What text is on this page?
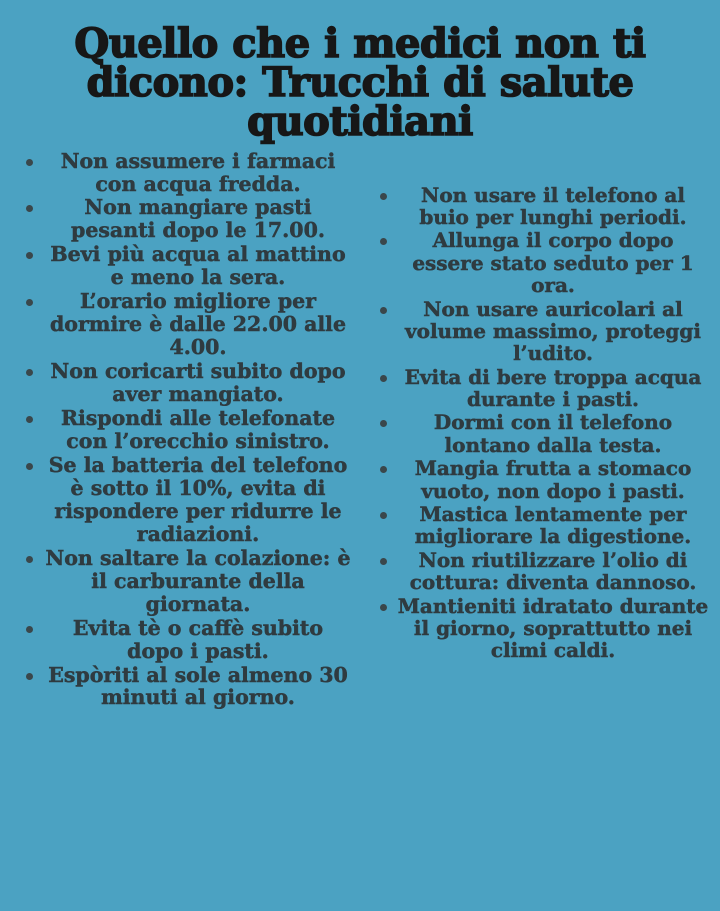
Quello che i medici non ti dicono: Trucchi di salute quotidiani
Non assumere i farmaci con acqua fredda.
Non mangiare pasti pesanti dopo le 17.00.
Bevi più acqua al mattino e meno la sera.
L’orario migliore per dormire è dalle 22.00 alle 4.00.
Non coricarti subito dopo aver mangiato.
Rispondi alle telefonate con l’orecchio sinistro.
Se la batteria del telefono è sotto il 10%, evita di rispondere per ridurre le radiazioni.
Non saltare la colazione: è il carburante della giornata.
Evita tè o caffè subito dopo i pasti.
Espòriti al sole almeno 30 minuti al giorno.
Non usare il telefono al buio per lunghi periodi.
Allunga il corpo dopo essere stato seduto per 1 ora.
Non usare auricolari al volume massimo, proteggi l’udito.
Evita di bere troppa acqua durante i pasti.
Dormi con il telefono lontano dalla testa.
Mangia frutta a stomaco vuoto, non dopo i pasti.
Mastica lentamente per migliorare la digestione.
Non riutilizzare l’olio di cottura: diventa dannoso.
Mantieniti idratato durante il giorno, soprattutto nei climi caldi.
